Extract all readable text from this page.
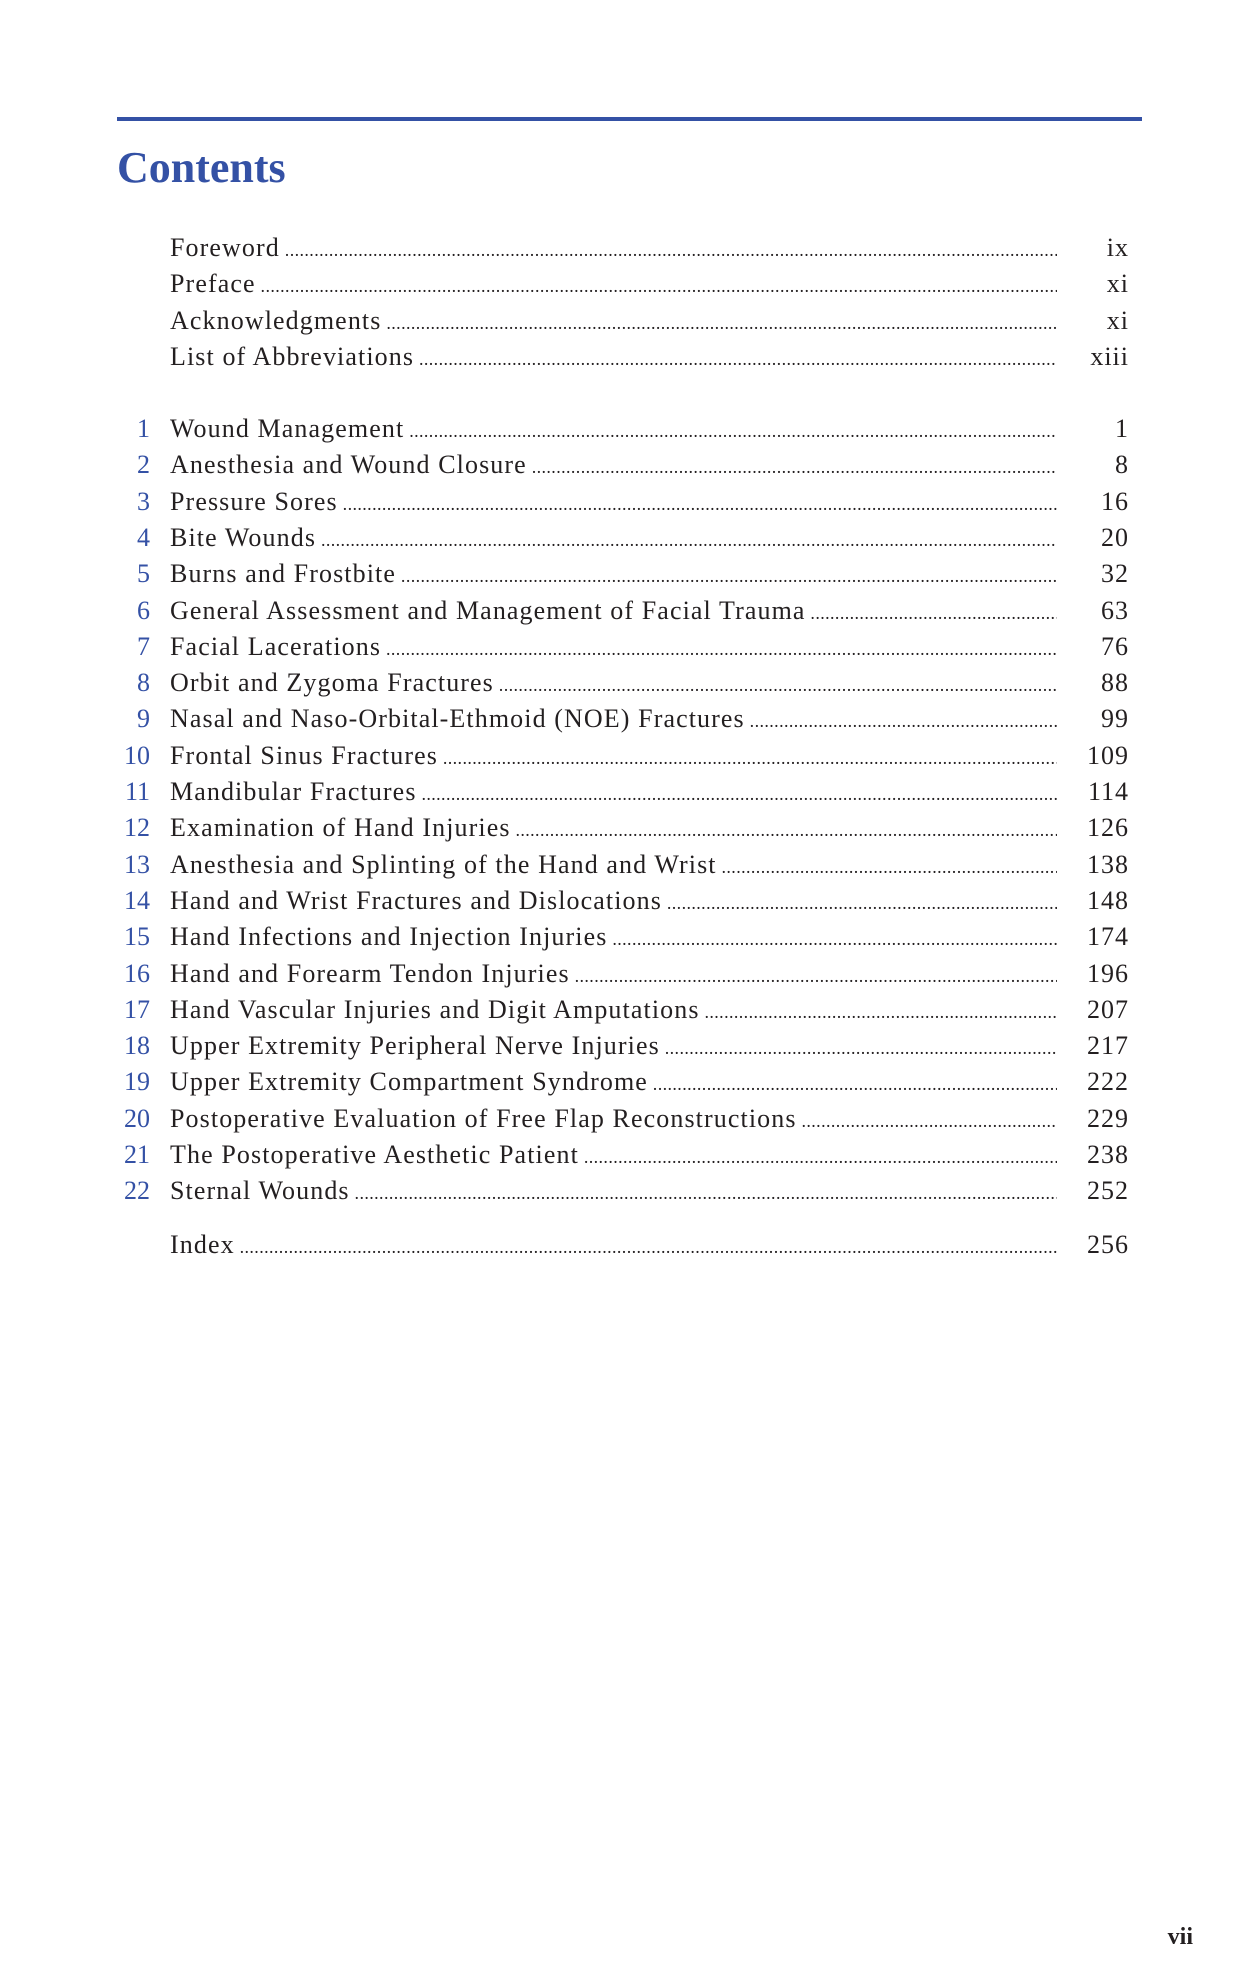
Contents
Foreword .....	ix
Preface .....	xi
Acknowledgments .....	xi
List of Abbreviations .....	xiii
1 Wound Management .....	1
2 Anesthesia and Wound Closure .....	8
3 Pressure Sores .....	16
4 Bite Wounds .....	20
5 Burns and Frostbite .....	32
6 General Assessment and Management of Facial Trauma .....	63
7 Facial Lacerations .....	76
8 Orbit and Zygoma Fractures .....	88
9 Nasal and Naso-Orbital-Ethmoid (NOE) Fractures .....	99
10 Frontal Sinus Fractures .....	109
11 Mandibular Fractures .....	114
12 Examination of Hand Injuries .....	126
13 Anesthesia and Splinting of the Hand and Wrist .....	138
14 Hand and Wrist Fractures and Dislocations .....	148
15 Hand Infections and Injection Injuries .....	174
16 Hand and Forearm Tendon Injuries .....	196
17 Hand Vascular Injuries and Digit Amputations .....	207
18 Upper Extremity Peripheral Nerve Injuries .....	217
19 Upper Extremity Compartment Syndrome .....	222
20 Postoperative Evaluation of Free Flap Reconstructions .....	229
21 The Postoperative Aesthetic Patient .....	238
22 Sternal Wounds .....	252
Index .....	256
vii
